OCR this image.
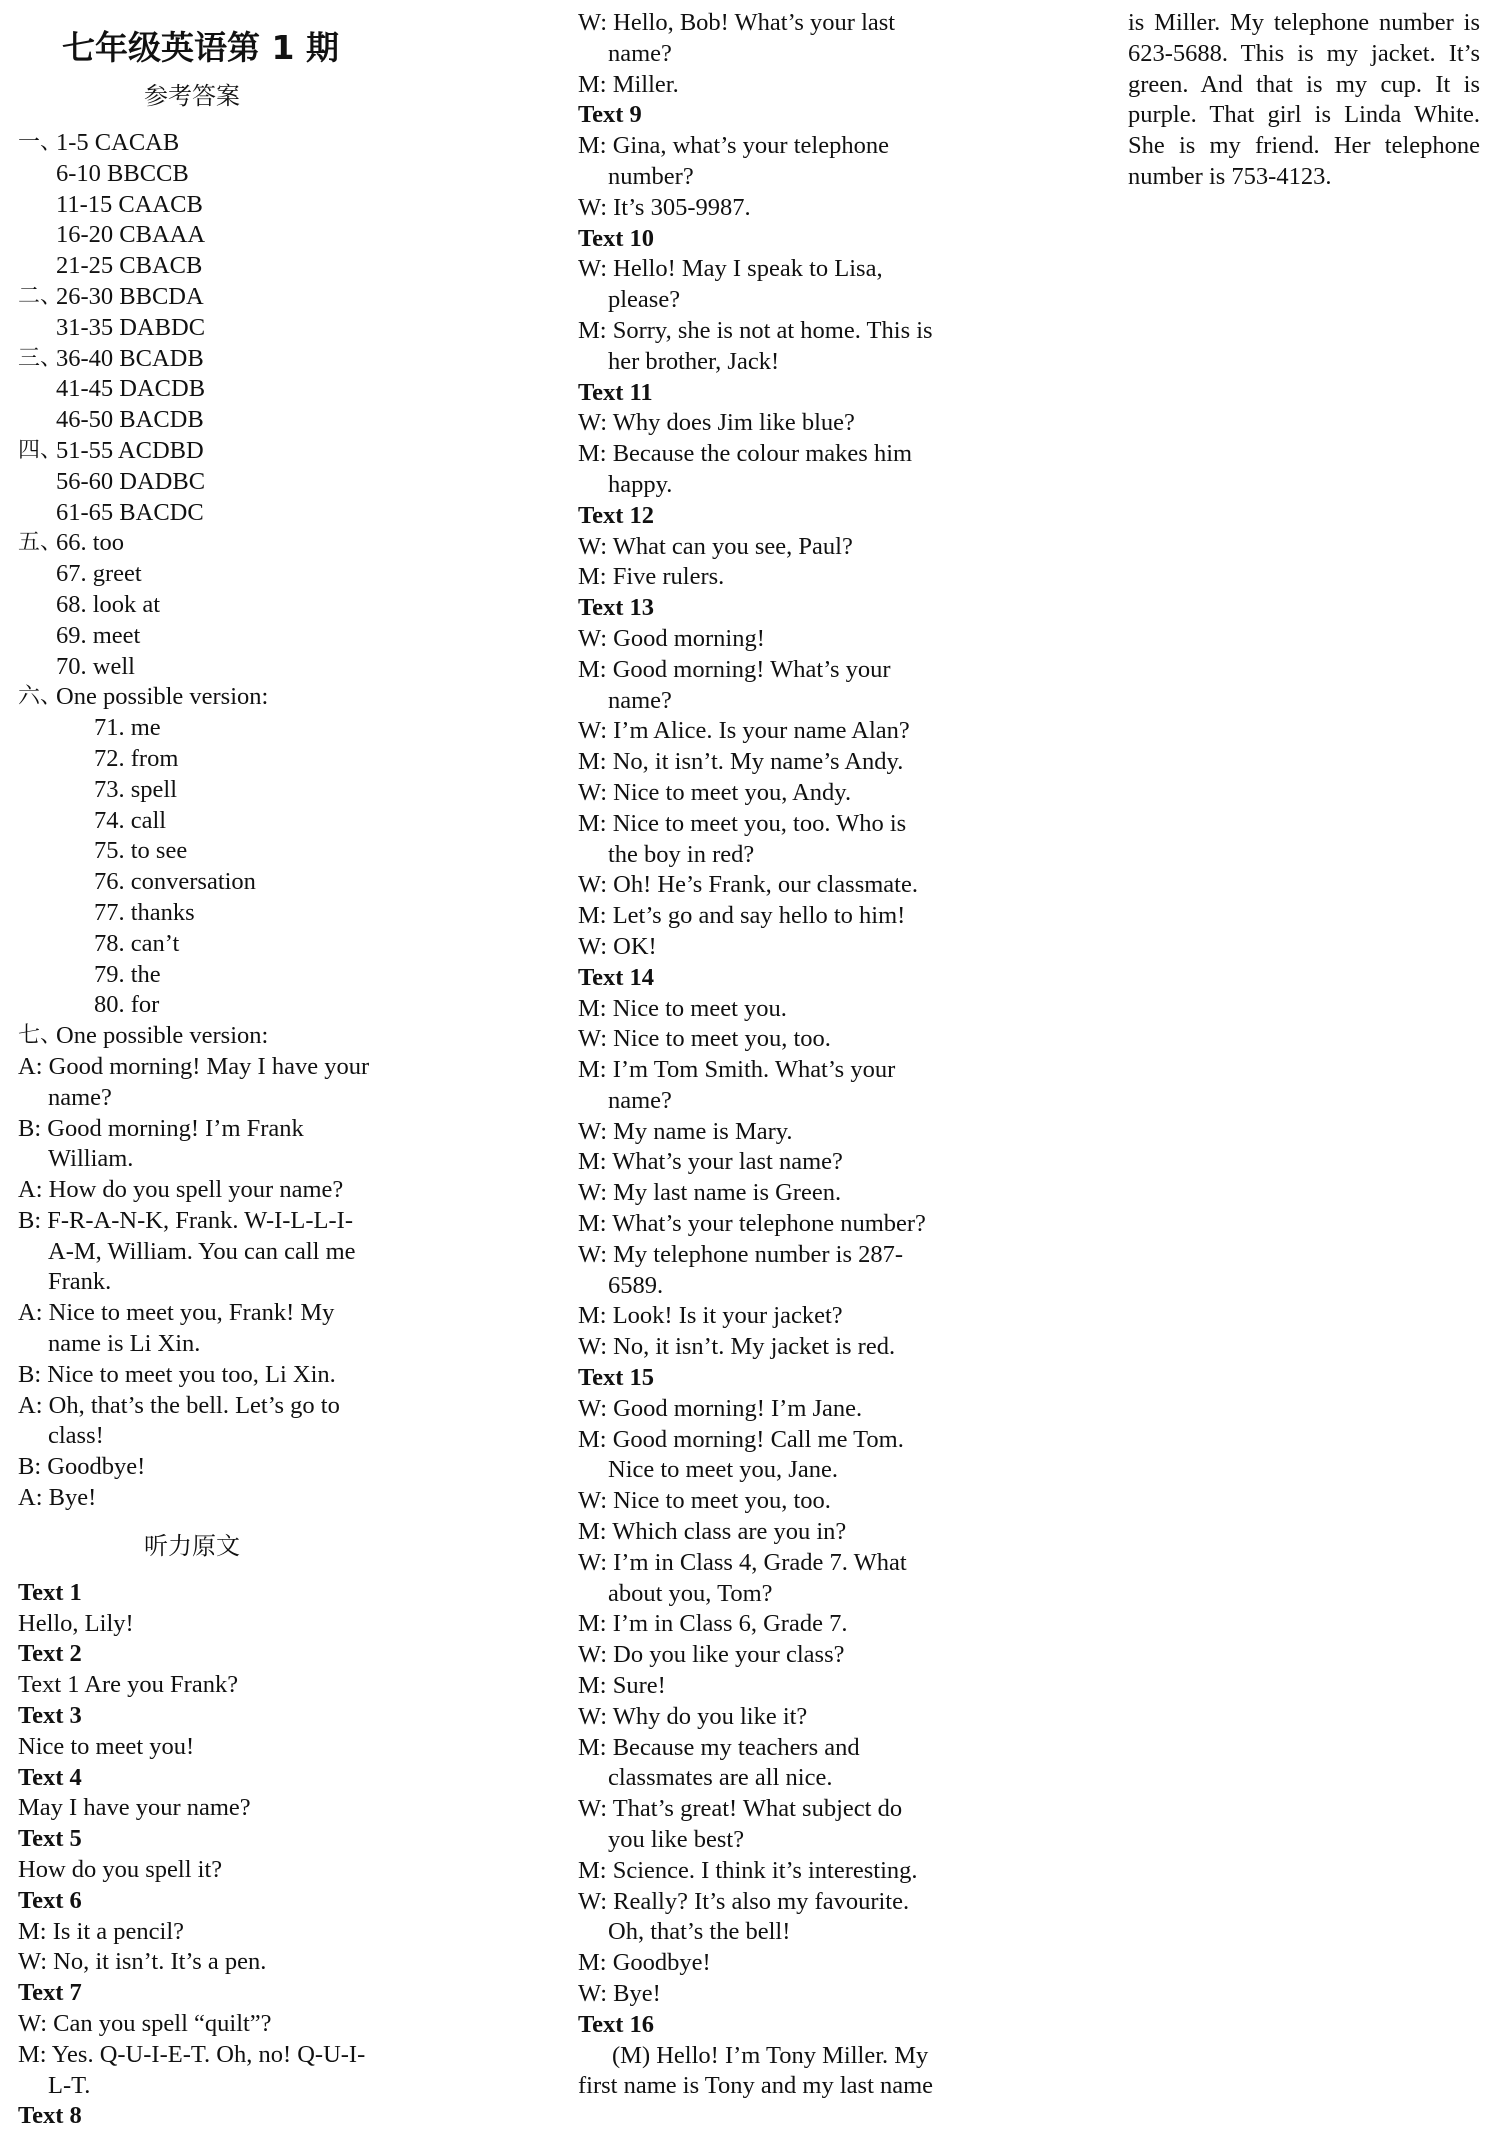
七年级英语第 1 期
参考答案
一、
1-5 CACAB
6-10 BBCCB
11-15 CAACB
16-20 CBAAA
21-25 CBACB
二、
26-30 BBCDA
31-35 DABDC
三、
36-40 BCADB
41-45 DACDB
46-50 BACDB
四、
51-55 ACDBD
56-60 DADBC
61-65 BACDC
五、
66. too
67. greet
68. look at
69. meet
70. well
六、
One possible version:
71. me
72. from
73. spell
74. call
75. to see
76. conversation
77. thanks
78. can’t
79. the
80. for
七、
One possible version:
A: Good morning! May I have your name?
B: Good morning! I’m Frank William.
A: How do you spell your name?
B: F-R-A-N-K, Frank. W-I-L-L-I-A-M, William. You can call me Frank.
A: Nice to meet you, Frank! My name is Li Xin.
B: Nice to meet you too, Li Xin.
A: Oh, that’s the bell. Let’s go to class!
B: Goodbye!
A: Bye!
听力原文
Text 1
Hello, Lily!
Text 2
Text 1 Are you Frank?
Text 3
Nice to meet you!
Text 4
May I have your name?
Text 5
How do you spell it?
Text 6
M: Is it a pencil?
W: No, it isn’t. It’s a pen.
Text 7
W: Can you spell “quilt”?
M: Yes. Q-U-I-E-T. Oh, no! Q-U-I-L-T.
Text 8
W: Hello, Bob! What’s your last name?
M: Miller.
Text 9
M: Gina, what’s your telephone number?
W: It’s 305-9987.
Text 10
W: Hello! May I speak to Lisa, please?
M: Sorry, she is not at home. This is her brother, Jack!
Text 11
W: Why does Jim like blue?
M: Because the colour makes him happy.
Text 12
W: What can you see, Paul?
M: Five rulers.
Text 13
W: Good morning!
M: Good morning! What’s your name?
W: I’m Alice. Is your name Alan?
M: No, it isn’t. My name’s Andy.
W: Nice to meet you, Andy.
M: Nice to meet you, too. Who is the boy in red?
W: Oh! He’s Frank, our classmate.
M: Let’s go and say hello to him!
W: OK!
Text 14
M: Nice to meet you.
W: Nice to meet you, too.
M: I’m Tom Smith. What’s your name?
W: My name is Mary.
M: What’s your last name?
W: My last name is Green.
M: What’s your telephone number?
W: My telephone number is 287-6589.
M: Look! Is it your jacket?
W: No, it isn’t. My jacket is red.
Text 15
W: Good morning! I’m Jane.
M: Good morning! Call me Tom. Nice to meet you, Jane.
W: Nice to meet you, too.
M: Which class are you in?
W: I’m in Class 4, Grade 7. What about you, Tom?
M: I’m in Class 6, Grade 7.
W: Do you like your class?
M: Sure!
W: Why do you like it?
M: Because my teachers and classmates are all nice.
W: That’s great! What subject do you like best?
M: Science. I think it’s interesting.
W: Really? It’s also my favourite. Oh, that’s the bell!
M: Goodbye!
W: Bye!
Text 16
(M) Hello! I’m Tony Miller. My first name is Tony and my last name
is Miller. My telephone number is 623-5688. This is my jacket. It’s green. And that is my cup. It is purple. That girl is Linda White. She is my friend. Her telephone number is 753-4123.
